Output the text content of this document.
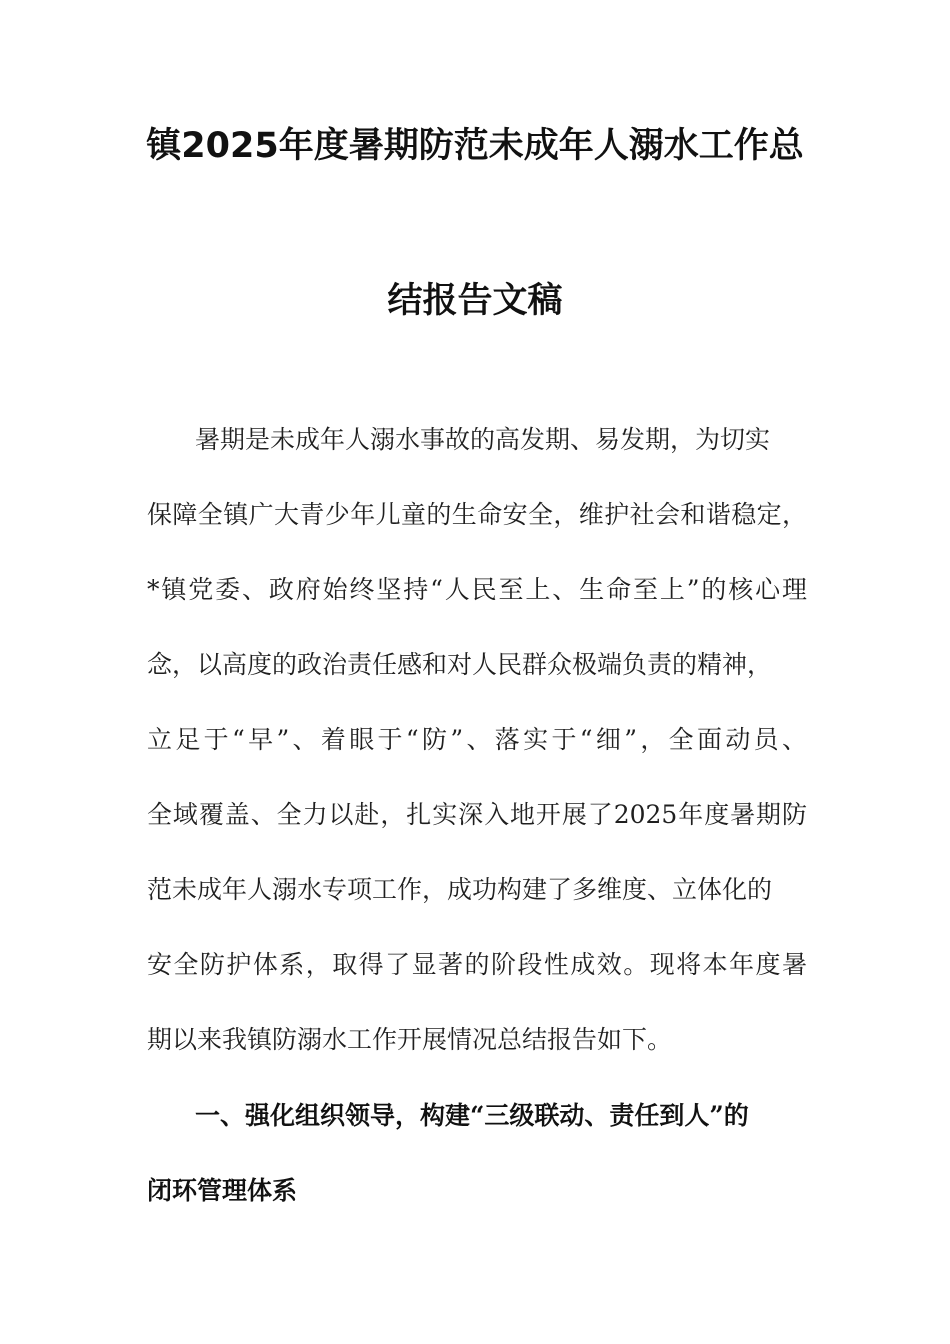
镇2025年度暑期防范未成年人溺水工作总
结报告文稿
暑期是未成年人溺水事故的高发期、易发期，为切实
保障全镇广大青少年儿童的生命安全，维护社会和谐稳定，
*镇党委、政府始终坚持“人民至上、生命至上”的核心理
念，以高度的政治责任感和对人民群众极端负责的精神，
立足于“早”、着眼于“防”、落实于“细”，全面动员、
全域覆盖、全力以赴，扎实深入地开展了2025年度暑期防
范未成年人溺水专项工作，成功构建了多维度、立体化的
安全防护体系，取得了显著的阶段性成效。现将本年度暑
期以来我镇防溺水工作开展情况总结报告如下。
一、强化组织领导，构建“三级联动、责任到人”的
闭环管理体系
